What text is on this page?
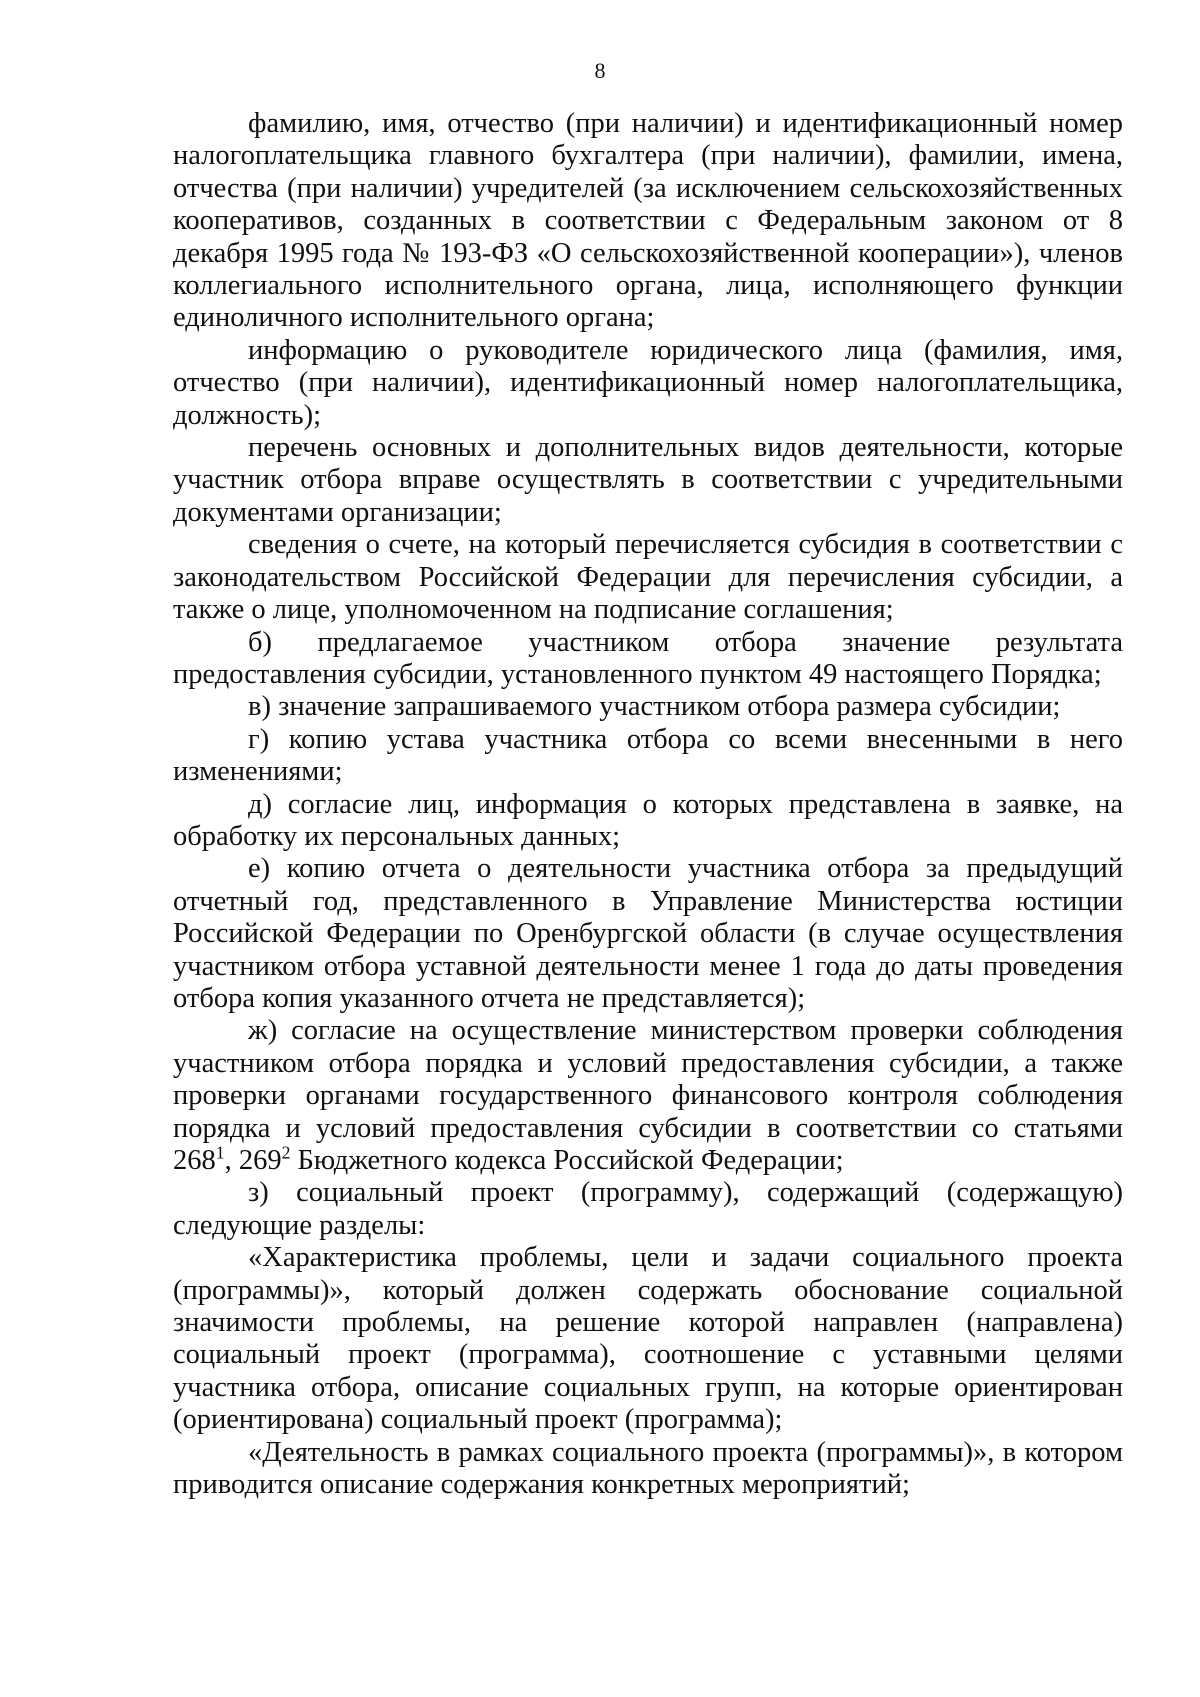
8

фамилию, имя, отчество (при наличии) и идентификационный номер налогоплательщика главного бухгалтера (при наличии), фамилии, имена, отчества (при наличии) учредителей (за исключением сельскохозяйственных кооперативов, созданных в соответствии с Федеральным законом от 8 декабря 1995 года № 193-ФЗ «О сельскохозяйственной кооперации»), членов коллегиального исполнительного органа, лица, исполняющего функции единоличного исполнительного органа;

информацию о руководителе юридического лица (фамилия, имя, отчество (при наличии), идентификационный номер налогоплательщика, должность);

перечень основных и дополнительных видов деятельности, которые участник отбора вправе осуществлять в соответствии с учредительными документами организации;

сведения о счете, на который перечисляется субсидия в соответствии с законодательством Российской Федерации для перечисления субсидии, а также о лице, уполномоченном на подписание соглашения;

б) предлагаемое участником отбора значение результата предоставления субсидии, установленного пунктом 49 настоящего Порядка;

в) значение запрашиваемого участником отбора размера субсидии;

г) копию устава участника отбора со всеми внесенными в него изменениями;

д) согласие лиц, информация о которых представлена в заявке, на обработку их персональных данных;

е) копию отчета о деятельности участника отбора за предыдущий отчетный год, представленного в Управление Министерства юстиции Российской Федерации по Оренбургской области (в случае осуществления участником отбора уставной деятельности менее 1 года до даты проведения отбора копия указанного отчета не представляется);

ж) согласие на осуществление министерством проверки соблюдения участником отбора порядка и условий предоставления субсидии, а также проверки органами государственного финансового контроля соблюдения порядка и условий предоставления субсидии в соответствии со статьями $268^1$, $269^2$ Бюджетного кодекса Российской Федерации;

з) социальный проект (программу), содержащий (содержащую) следующие разделы:

«Характеристика проблемы, цели и задачи социального проекта (программы)», который должен содержать обоснование социальной значимости проблемы, на решение которой направлен (направлена) социальный проект (программа), соотношение с уставными целями участника отбора, описание социальных групп, на которые ориентирован (ориентирована) социальный проект (программа);

«Деятельность в рамках социального проекта (программы)», в котором приводится описание содержания конкретных мероприятий;
